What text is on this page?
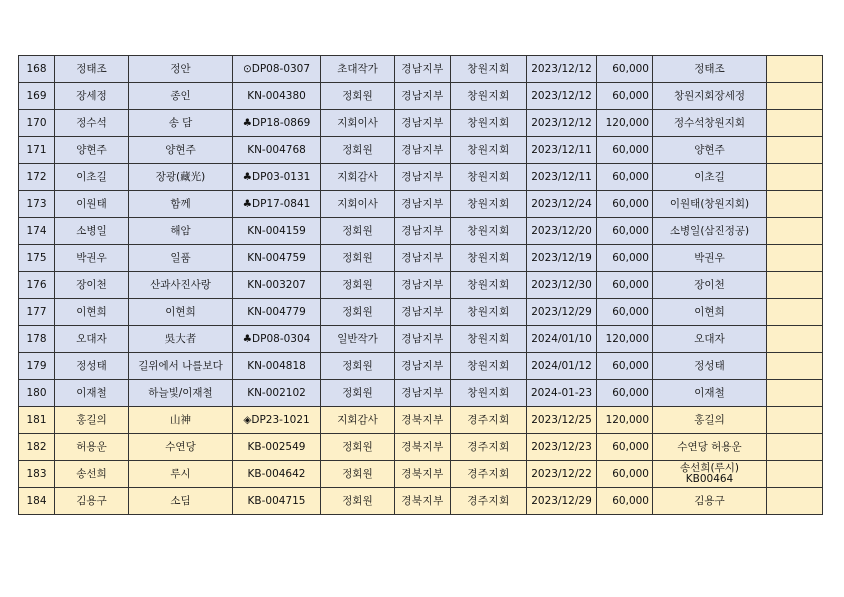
168	정태조	정안	⊙DP08-0307	초대작가	경남지부	창원지회	2023/12/12	60,000	정태조	
169	장세정	종인	KN-004380	정회원	경남지부	창원지회	2023/12/12	60,000	창원지회장세정	
170	정수석	송 담	♣DP18-0869	지회이사	경남지부	창원지회	2023/12/12	120,000	정수석창원지회	
171	양현주	양현주	KN-004768	정회원	경남지부	창원지회	2023/12/11	60,000	양현주	
172	이초길	장광(藏光)	♣DP03-0131	지회감사	경남지부	창원지회	2023/12/11	60,000	이초길	
173	이원태	함께	♣DP17-0841	지회이사	경남지부	창원지회	2023/12/24	60,000	이원태(창원지회)	
174	소병일	해암	KN-004159	정회원	경남지부	창원지회	2023/12/20	60,000	소병일(삼진정공)	
175	박권우	일품	KN-004759	정회원	경남지부	창원지회	2023/12/19	60,000	박권우	
176	장이천	산과사진사랑	KN-003207	정회원	경남지부	창원지회	2023/12/30	60,000	장이천	
177	이현희	이현희	KN-004779	정회원	경남지부	창원지회	2023/12/29	60,000	이현희	
178	오대자	吳大者	♣DP08-0304	일반작가	경남지부	창원지회	2024/01/10	120,000	오대자	
179	정성태	길위에서 나를보다	KN-004818	정회원	경남지부	창원지회	2024/01/12	60,000	정성태	
180	이재철	하늘빛/이재철	KN-002102	정회원	경남지부	창원지회	2024-01-23	60,000	이재철	
181	홍길의	山神	◈DP23-1021	지회감사	경북지부	경주지회	2023/12/25	120,000	홍길의	
182	허용운	수연당	KB-002549	정회원	경북지부	경주지회	2023/12/23	60,000	수연당 허용운	
183	송선희	루시	KB-004642	정회원	경북지부	경주지회	2023/12/22	60,000	송선희(루시) KB00464	
184	김용구	소딤	KB-004715	정회원	경북지부	경주지회	2023/12/29	60,000	김용구	
